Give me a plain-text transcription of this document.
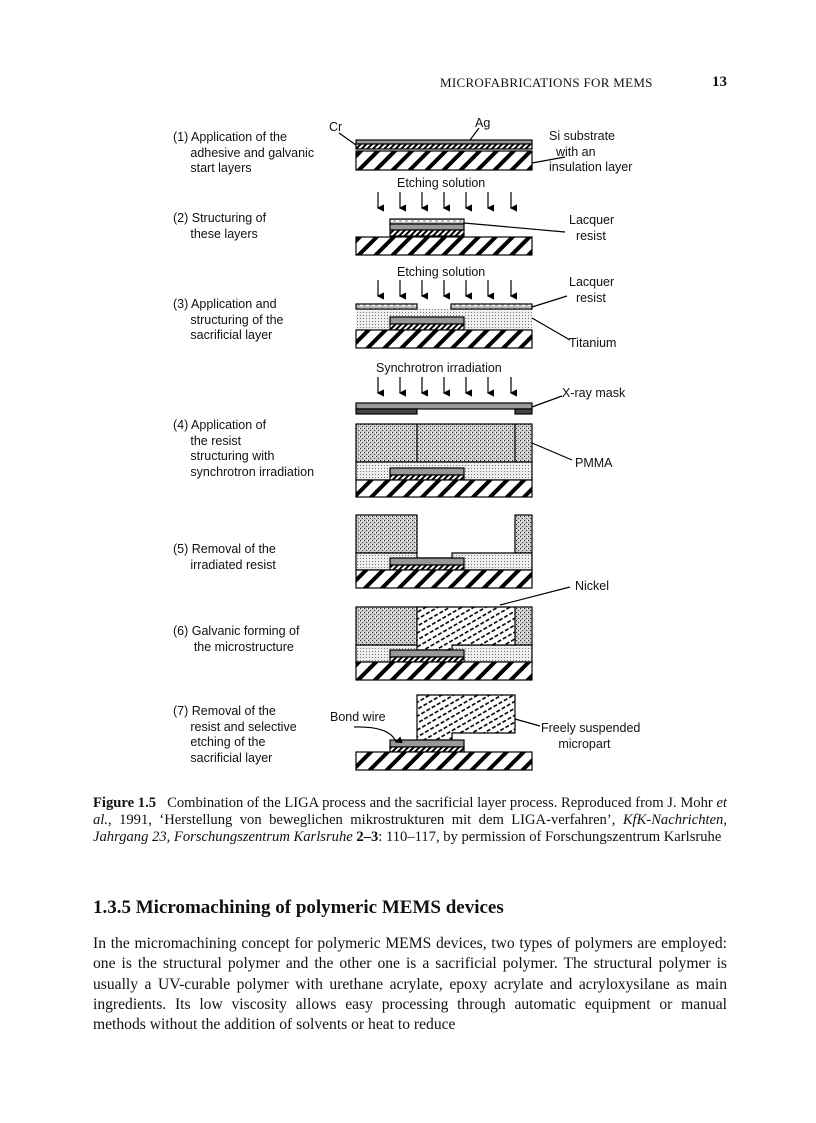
MICROFABRICATIONS FOR MEMS	13
(1) Application of the
adhesive and galvanic
start layers
(2) Structuring of
these layers
(3) Application and
structuring of the
sacrificial layer
(4) Application of
the resist
structuring with
synchrotron irradiation
(5) Removal of the
irradiated resist
(6) Galvanic forming of
the microstructure
(7) Removal of the
resist and selective
etching of the
sacrificial layer
Cr	Ag
Si substrate
with an
insulation layer
Etching solution
Lacquer
resist
Etching solution
Lacquer
resist
Titanium
Synchrotron irradiation
X-ray mask
PMMA
Nickel
Bond wire
Freely suspended
micropart
Figure 1.5 Combination of the LIGA process and the sacrificial layer process. Reproduced from J. Mohr et al., 1991, ‘Herstellung von beweglichen mikrostrukturen mit dem LIGA-verfahren’, KfK-Nachrichten, Jahrgang 23, Forschungszentrum Karlsruhe 2–3: 110–117, by permission of Forschungszentrum Karlsruhe
1.3.5 Micromachining of polymeric MEMS devices

In the micromachining concept for polymeric MEMS devices, two types of polymers are employed: one is the structural polymer and the other one is a sacrificial polymer. The structural polymer is usually a UV-curable polymer with urethane acrylate, epoxy acrylate and acryloxysilane as main ingredients. Its low viscosity allows easy processing through automatic equipment or manual methods without the addition of solvents or heat to reduce
